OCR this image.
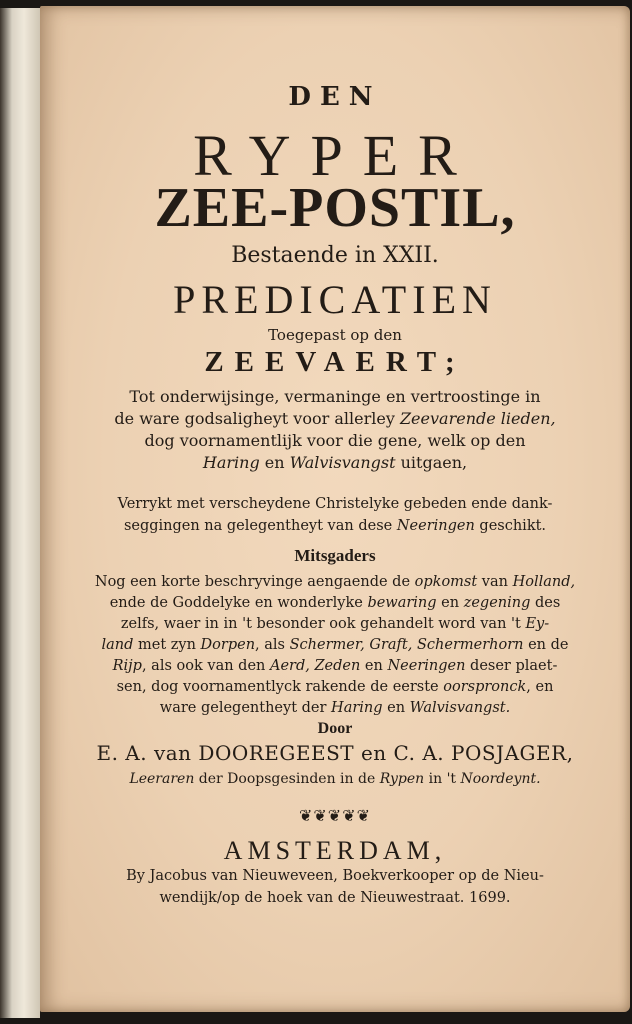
DEN

RYPER

ZEE-POSTIL,

Bestaende in XXII.

PREDICATIEN

Toegepast op den

ZEEVAERT;

Tot onderwijsinge, vermaninge en vertroostinge in

de ware godsaligheyt voor allerley Zeevarende lieden,

dog voornamentlijk voor die gene, welk op den

Haring en Walvisvangst uitgaen,

Verrykt met verscheydene Christelyke gebeden ende dank-

seggingen na gelegentheyt van dese Neeringen geschikt.

Mitsgaders

Nog een korte beschryvinge aengaende de opkomst van Holland,

ende de Goddelyke en wonderlyke bewaring en zegening des

zelfs, waer in in 't besonder ook gehandelt word van 't Ey-

land met zyn Dorpen, als Schermer, Graft, Schermerhorn en de

Rijp, als ook van den Aerd, Zeden en Neeringen deser plaet-

sen, dog voornamentlyck rakende de eerste oorspronck, en

ware gelegentheyt der Haring en Walvisvangst.

Door

E. A. van DOOREGEEST en C. A. POSJAGER,

Leeraren der Doopsgesinden in de Rypen in 't Noordeynt.

❦❦❦❦❦

AMSTERDAM,

By Jacobus van Nieuweveen, Boekverkooper op de Nieu-

wendijk/op de hoek van de Nieuwestraat. 1699.
